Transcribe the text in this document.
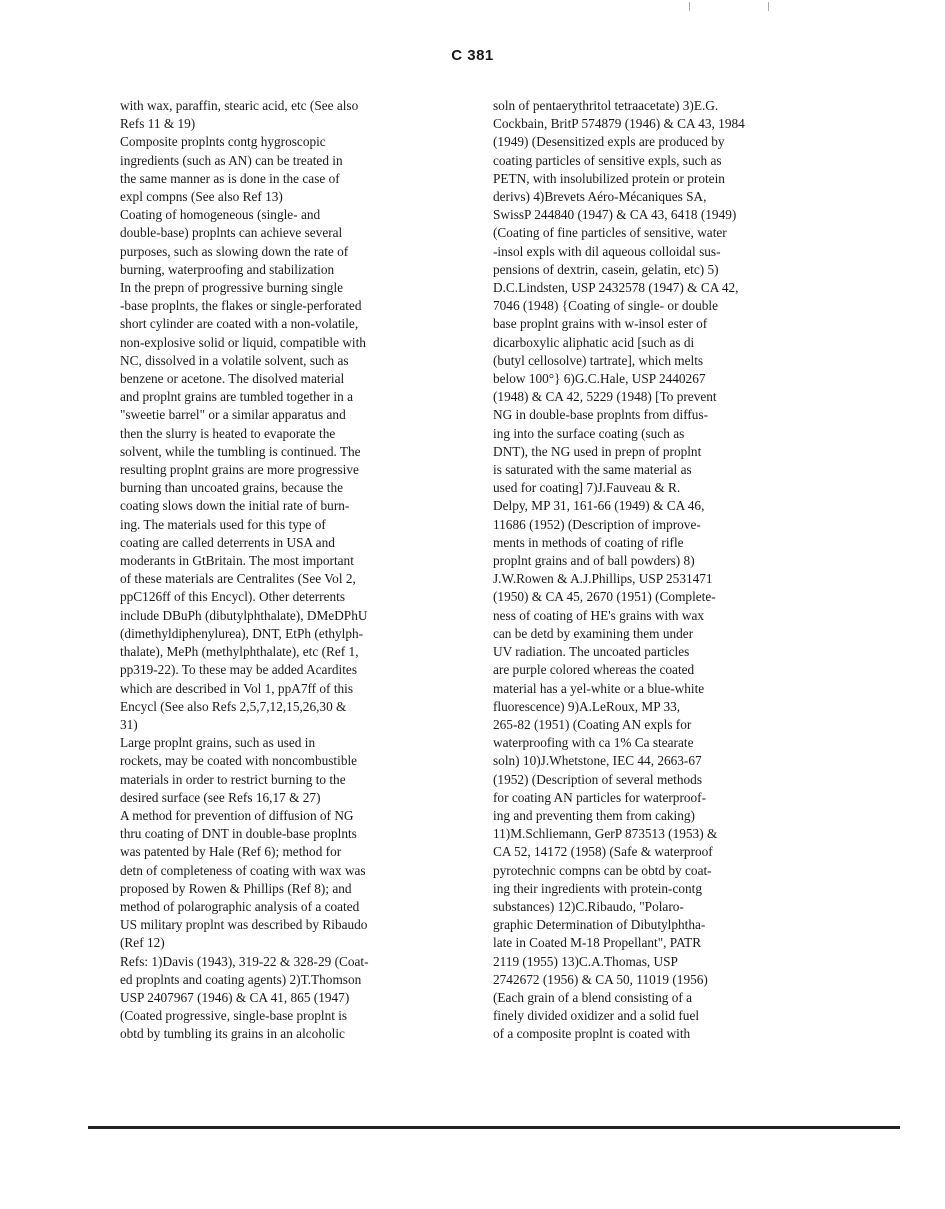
C 381
with wax, paraffin, stearic acid, etc (See also
Refs 11 & 19)
Composite proplnts contg hygroscopic
ingredients (such as AN) can be treated in
the same manner as is done in the case of
expl compns (See also Ref 13)
Coating of homogeneous (single- and
double-base) proplnts can achieve several
purposes, such as slowing down the rate of
burning, waterproofing and stabilization
In the prepn of progressive burning single
-base proplnts, the flakes or single-perforated
short cylinder are coated with a non-volatile,
non-explosive solid or liquid, compatible with
NC, dissolved in a volatile solvent, such as
benzene or acetone. The disolved material
and proplnt grains are tumbled together in a
"sweetie barrel" or a similar apparatus and
then the slurry is heated to evaporate the
solvent, while the tumbling is continued. The
resulting proplnt grains are more progressive
burning than uncoated grains, because the
coating slows down the initial rate of burn-
ing. The materials used for this type of
coating are called deterrents in USA and
moderants in GtBritain. The most important
of these materials are Centralites (See Vol 2,
ppC126ff of this Encycl). Other deterrents
include DBuPh (dibutylphthalate), DMeDPhU
(dimethyldiphenylurea), DNT, EtPh (ethylph-
thalate), MePh (methylphthalate), etc (Ref 1,
pp319-22). To these may be added Acardites
which are described in Vol 1, ppA7ff of this
Encycl (See also Refs 2,5,7,12,15,26,30 &
31)
Large proplnt grains, such as used in
rockets, may be coated with noncombustible
materials in order to restrict burning to the
desired surface (see Refs 16,17 & 27)
A method for prevention of diffusion of NG
thru coating of DNT in double-base proplnts
was patented by Hale (Ref 6); method for
detn of completeness of coating with wax was
proposed by Rowen & Phillips (Ref 8); and
method of polarographic analysis of a coated
US military proplnt was described by Ribaudo
(Ref 12)
Refs: 1)Davis (1943), 319-22 & 328-29 (Coat-
ed proplnts and coating agents) 2)T.Thomson
USP 2407967 (1946) & CA 41, 865 (1947)
(Coated progressive, single-base proplnt is
obtd by tumbling its grains in an alcoholic
soln of pentaerythritol tetraacetate) 3)E.G.
Cockbain, BritP 574879 (1946) & CA 43, 1984
(1949) (Desensitized expls are produced by
coating particles of sensitive expls, such as
PETN, with insolubilized protein or protein
derivs) 4)Brevets Aéro-Mécaniques SA,
SwissP 244840 (1947) & CA 43, 6418 (1949)
(Coating of fine particles of sensitive, water
-insol expls with dil aqueous colloidal sus-
pensions of dextrin, casein, gelatin, etc) 5)
D.C.Lindsten, USP 2432578 (1947) & CA 42,
7046 (1948) {Coating of single- or double
base proplnt grains with w-insol ester of
dicarboxylic aliphatic acid [such as di
(butyl cellosolve) tartrate], which melts
below 100°} 6)G.C.Hale, USP 2440267
(1948) & CA 42, 5229 (1948) [To prevent
NG in double-base proplnts from diffus-
ing into the surface coating (such as
DNT), the NG used in prepn of proplnt
is saturated with the same material as
used for coating] 7)J.Fauveau & R.
Delpy, MP 31, 161-66 (1949) & CA 46,
11686 (1952) (Description of improve-
ments in methods of coating of rifle
proplnt grains and of ball powders) 8)
J.W.Rowen & A.J.Phillips, USP 2531471
(1950) & CA 45, 2670 (1951) (Complete-
ness of coating of HE's grains with wax
can be detd by examining them under
UV radiation. The uncoated particles
are purple colored whereas the coated
material has a yel-white or a blue-white
fluorescence) 9)A.LeRoux, MP 33,
265-82 (1951) (Coating AN expls for
waterproofing with ca 1% Ca stearate
soln) 10)J.Whetstone, IEC 44, 2663-67
(1952) (Description of several methods
for coating AN particles for waterproof-
ing and preventing them from caking)
11)M.Schliemann, GerP 873513 (1953) &
CA 52, 14172 (1958) (Safe & waterproof
pyrotechnic compns can be obtd by coat-
ing their ingredients with protein-contg
substances) 12)C.Ribaudo, "Polaro-
graphic Determination of Dibutylphtha-
late in Coated M-18 Propellant", PATR
2119 (1955) 13)C.A.Thomas, USP
2742672 (1956) & CA 50, 11019 (1956)
(Each grain of a blend consisting of a
finely divided oxidizer and a solid fuel
of a composite proplnt is coated with
